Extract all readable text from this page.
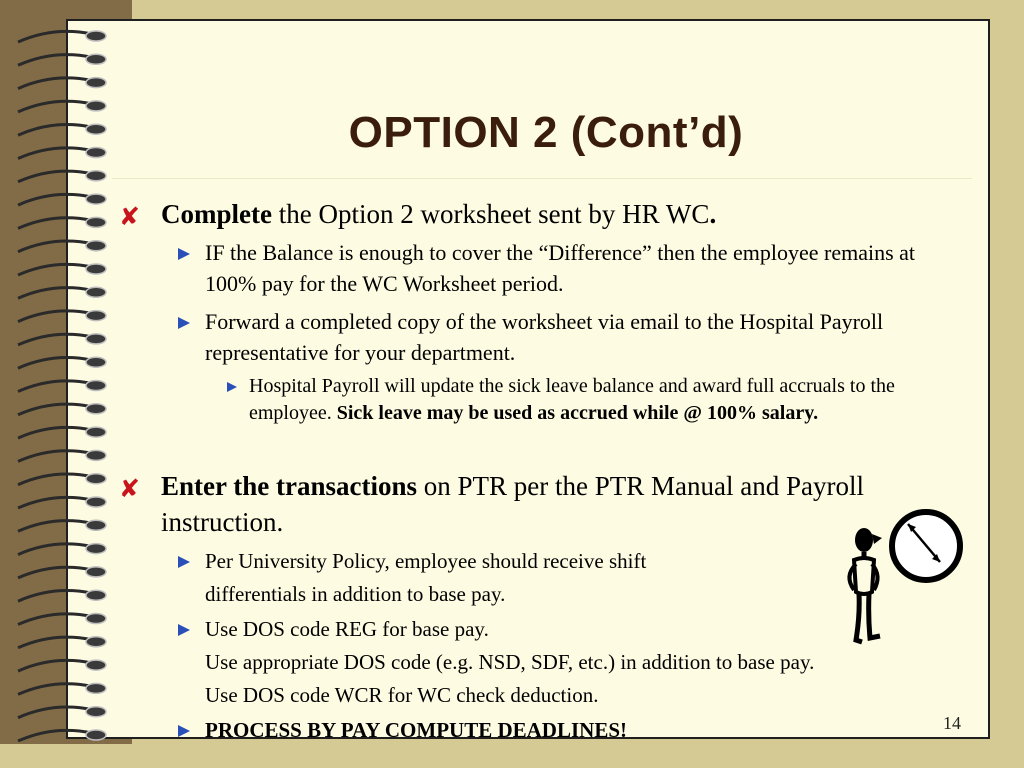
OPTION 2 (Cont’d)
✘ Complete the Option 2 worksheet sent by HR WC.
IF the Balance is enough to cover the “Difference” then the employee remains at 100% pay for the WC Worksheet period.
Forward a completed copy of the worksheet via email to the Hospital Payroll representative for your department.
Hospital Payroll will update the sick leave balance and award full accruals to the employee. Sick leave may be used as accrued while @ 100% salary.
✘ Enter the transactions on PTR per the PTR Manual and Payroll instruction.
Per University Policy, employee should receive shift
differentials in addition to base pay.
Use DOS code REG for base pay.
Use appropriate DOS code (e.g. NSD, SDF, etc.) in addition to base pay.
Use DOS code WCR for WC check deduction.
PROCESS BY PAY COMPUTE DEADLINES!	14
